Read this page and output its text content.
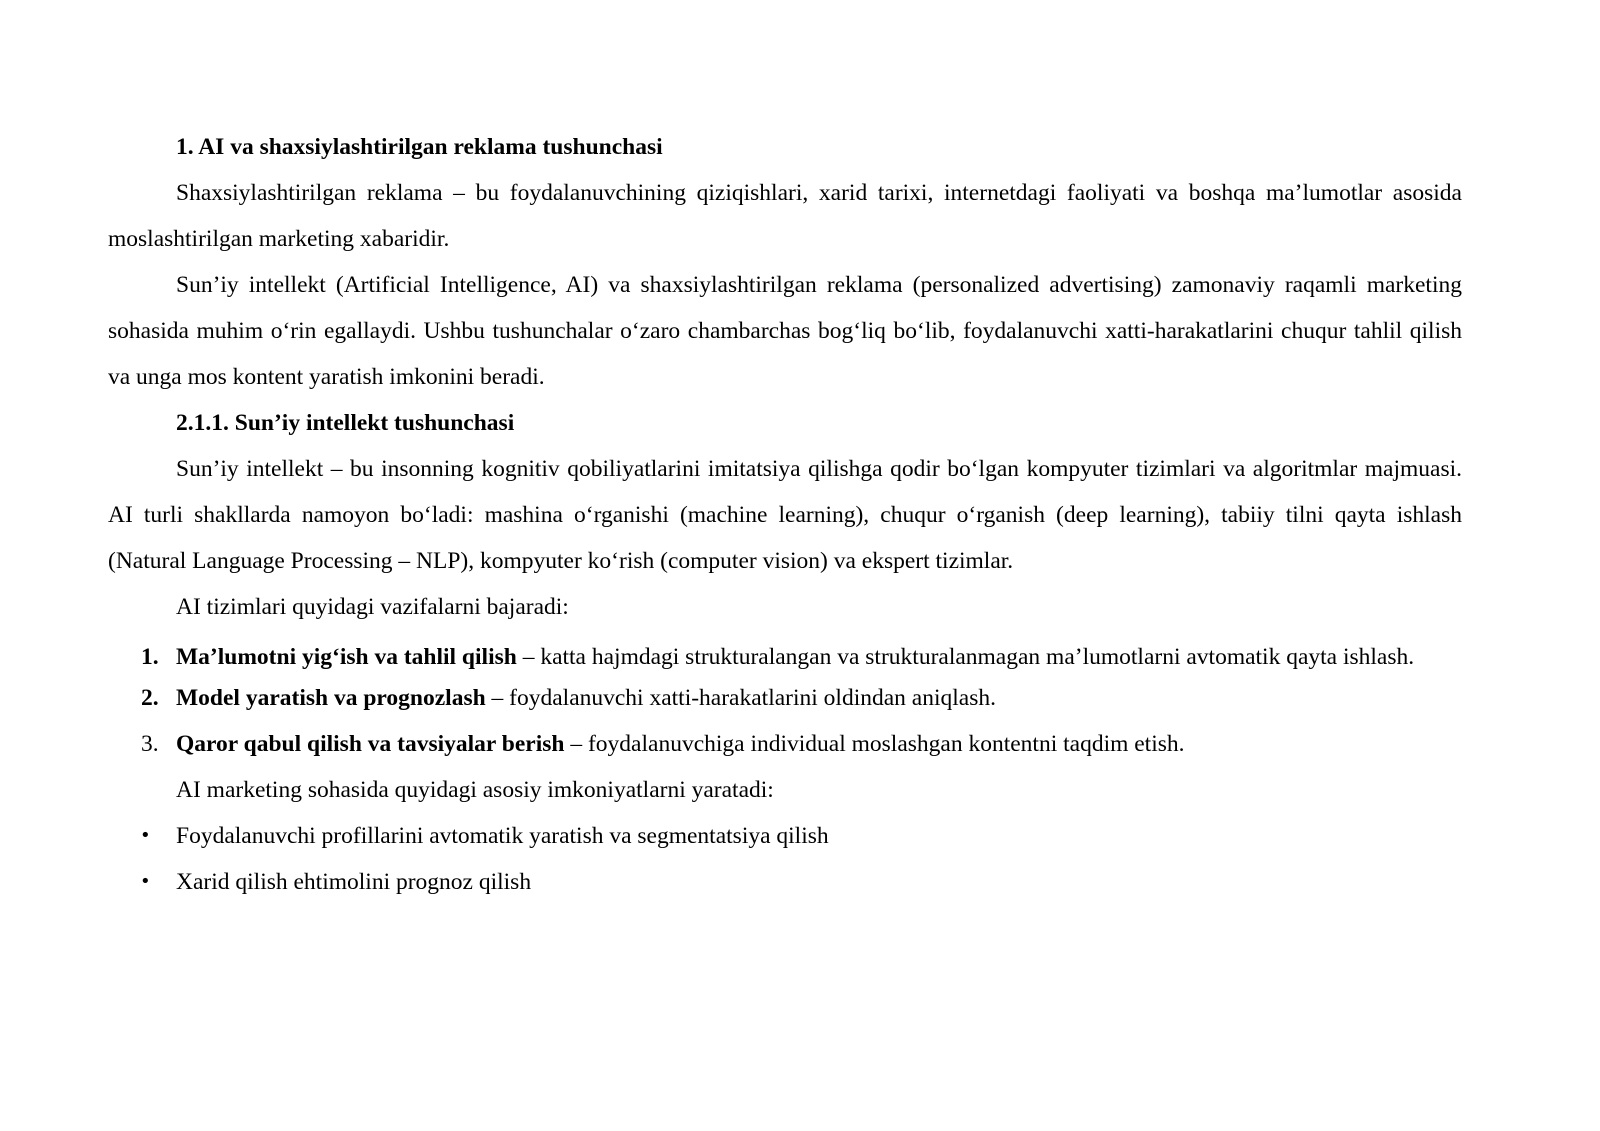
1. AI va shaxsiylashtirilgan reklama tushunchasi

Shaxsiylashtirilgan reklama – bu foydalanuvchining qiziqishlari, xarid tarixi, internetdagi faoliyati va boshqa ma’lumotlar asosida moslashtirilgan marketing xabaridir.

Sun’iy intellekt (Artificial Intelligence, AI) va shaxsiylashtirilgan reklama (personalized advertising) zamonaviy raqamli marketing sohasida muhim o‘rin egallaydi. Ushbu tushunchalar o‘zaro chambarchas bog‘liq bo‘lib, foydalanuvchi xatti-harakatlarini chuqur tahlil qilish va unga mos kontent yaratish imkonini beradi.

2.1.1. Sun’iy intellekt tushunchasi

Sun’iy intellekt – bu insonning kognitiv qobiliyatlarini imitatsiya qilishga qodir bo‘lgan kompyuter tizimlari va algoritmlar majmuasi. AI turli shakllarda namoyon bo‘ladi: mashina o‘rganishi (machine learning), chuqur o‘rganish (deep learning), tabiiy tilni qayta ishlash (Natural Language Processing – NLP), kompyuter ko‘rish (computer vision) va ekspert tizimlar.

AI tizimlari quyidagi vazifalarni bajaradi:

1. Ma’lumotni yig‘ish va tahlil qilish – katta hajmdagi strukturalangan va strukturalanmagan ma’lumotlarni avtomatik qayta ishlash.
2. Model yaratish va prognozlash – foydalanuvchi xatti-harakatlarini oldindan aniqlash.
3. Qaror qabul qilish va tavsiyalar berish – foydalanuvchiga individual moslashgan kontentni taqdim etish.

AI marketing sohasida quyidagi asosiy imkoniyatlarni yaratadi:

• Foydalanuvchi profillarini avtomatik yaratish va segmentatsiya qilish
• Xarid qilish ehtimolini prognoz qilish
